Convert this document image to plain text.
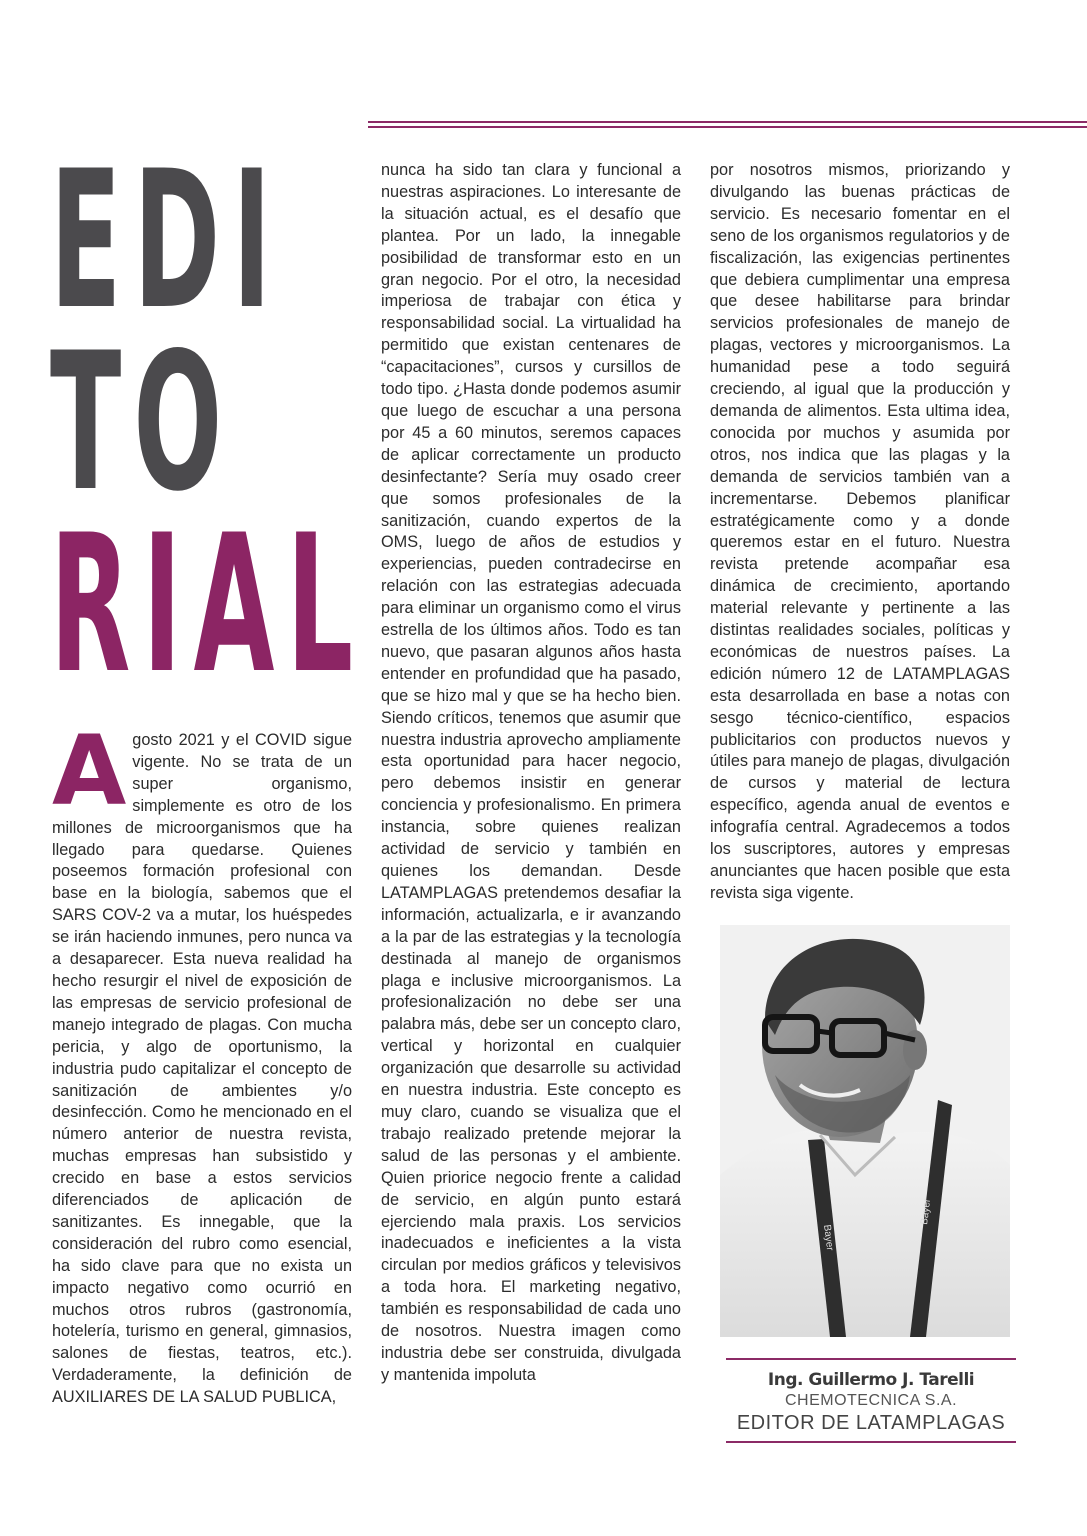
EDI
TO
RIAL
Agosto 2021 y el COVID sigue vigente. No se trata de un super organismo, simplemente es otro de los millones de microorganismos que ha llegado para quedarse. Quienes poseemos formación profesional con base en la biología, sabemos que el SARS COV-2 va a mutar, los huéspedes se irán haciendo inmunes, pero nunca va a desaparecer. Esta nueva realidad ha hecho resurgir el nivel de exposición de las empresas de servicio profesional de manejo integrado de plagas. Con mucha pericia, y algo de oportunismo, la industria pudo capitalizar el concepto de sanitización de ambientes y/o desinfección. Como he mencionado en el número anterior de nuestra revista, muchas empresas han subsistido y crecido en base a estos servicios diferenciados de aplicación de sanitizantes. Es innegable, que la consideración del rubro como esencial, ha sido clave para que no exista un impacto negativo como ocurrió en muchos otros rubros (gastronomía, hotelería, turismo en general, gimnasios, salones de fiestas, teatros, etc.). Verdaderamente, la definición de AUXILIARES DE LA SALUD PUBLICA,
nunca ha sido tan clara y funcional a nuestras aspiraciones. Lo interesante de la situación actual, es el desafío que plantea. Por un lado, la innegable posibilidad de transformar esto en un gran negocio. Por el otro, la necesidad imperiosa de trabajar con ética y responsabilidad social. La virtualidad ha permitido que existan centenares de “capacitaciones”, cursos y cursillos de todo tipo. ¿Hasta donde podemos asumir que luego de escuchar a una persona por 45 a 60 minutos, seremos capaces de aplicar correctamente un producto desinfectante? Sería muy osado creer que somos profesionales de la sanitización, cuando expertos de la OMS, luego de años de estudios y experiencias, pueden contradecirse en relación con las estrategias adecuada para eliminar un organismo como el virus estrella de los últimos años. Todo es tan nuevo, que pasaran algunos años hasta entender en profundidad que ha pasado, que se hizo mal y que se ha hecho bien. Siendo críticos, tenemos que asumir que nuestra industria aprovecho ampliamente esta oportunidad para hacer negocio, pero debemos insistir en generar conciencia y profesionalismo. En primera instancia, sobre quienes realizan actividad de servicio y también en quienes los demandan. Desde LATAMPLAGAS pretendemos desafiar la información, actualizarla, e ir avanzando a la par de las estrategias y la tecnología destinada al manejo de organismos plaga e inclusive microorganismos. La profesionalización no debe ser una palabra más, debe ser un concepto claro, vertical y horizontal en cualquier organización que desarrolle su actividad en nuestra industria. Este concepto es muy claro, cuando se visualiza que el trabajo realizado pretende mejorar la salud de las personas y el ambiente. Quien priorice negocio frente a calidad de servicio, en algún punto estará ejerciendo mala praxis. Los servicios inadecuados e ineficientes a la vista circulan por medios gráficos y televisivos a toda hora. El marketing negativo, también es responsabilidad de cada uno de nosotros. Nuestra imagen como industria debe ser construida, divulgada y mantenida impoluta
por nosotros mismos, priorizando y divulgando las buenas prácticas de servicio. Es necesario fomentar en el seno de los organismos regulatorios y de fiscalización, las exigencias pertinentes que debiera cumplimentar una empresa que desee habilitarse para brindar servicios profesionales de manejo de plagas, vectores y microorganismos. La humanidad pese a todo seguirá creciendo, al igual que la producción y demanda de alimentos. Esta ultima idea, conocida por muchos y asumida por otros, nos indica que las plagas y la demanda de servicios también van a incrementarse. Debemos planificar estratégicamente como y a donde queremos estar en el futuro. Nuestra revista pretende acompañar esa dinámica de crecimiento, aportando material relevante y pertinente a las distintas realidades sociales, políticas y económicas de nuestros países. La edición número 12 de LATAMPLAGAS esta desarrollada en base a notas con sesgo técnico-científico, espacios publicitarios con productos nuevos y útiles para manejo de plagas, divulgación de cursos y material de lectura específico, agenda anual de eventos e infografía central. Agradecemos a todos los suscriptores, autores y empresas anunciantes que hacen posible que esta revista siga vigente.
Bayer
Bayer
Ing. Guillermo J. Tarelli
CHEMOTECNICA S.A.
EDITOR DE LATAMPLAGAS
